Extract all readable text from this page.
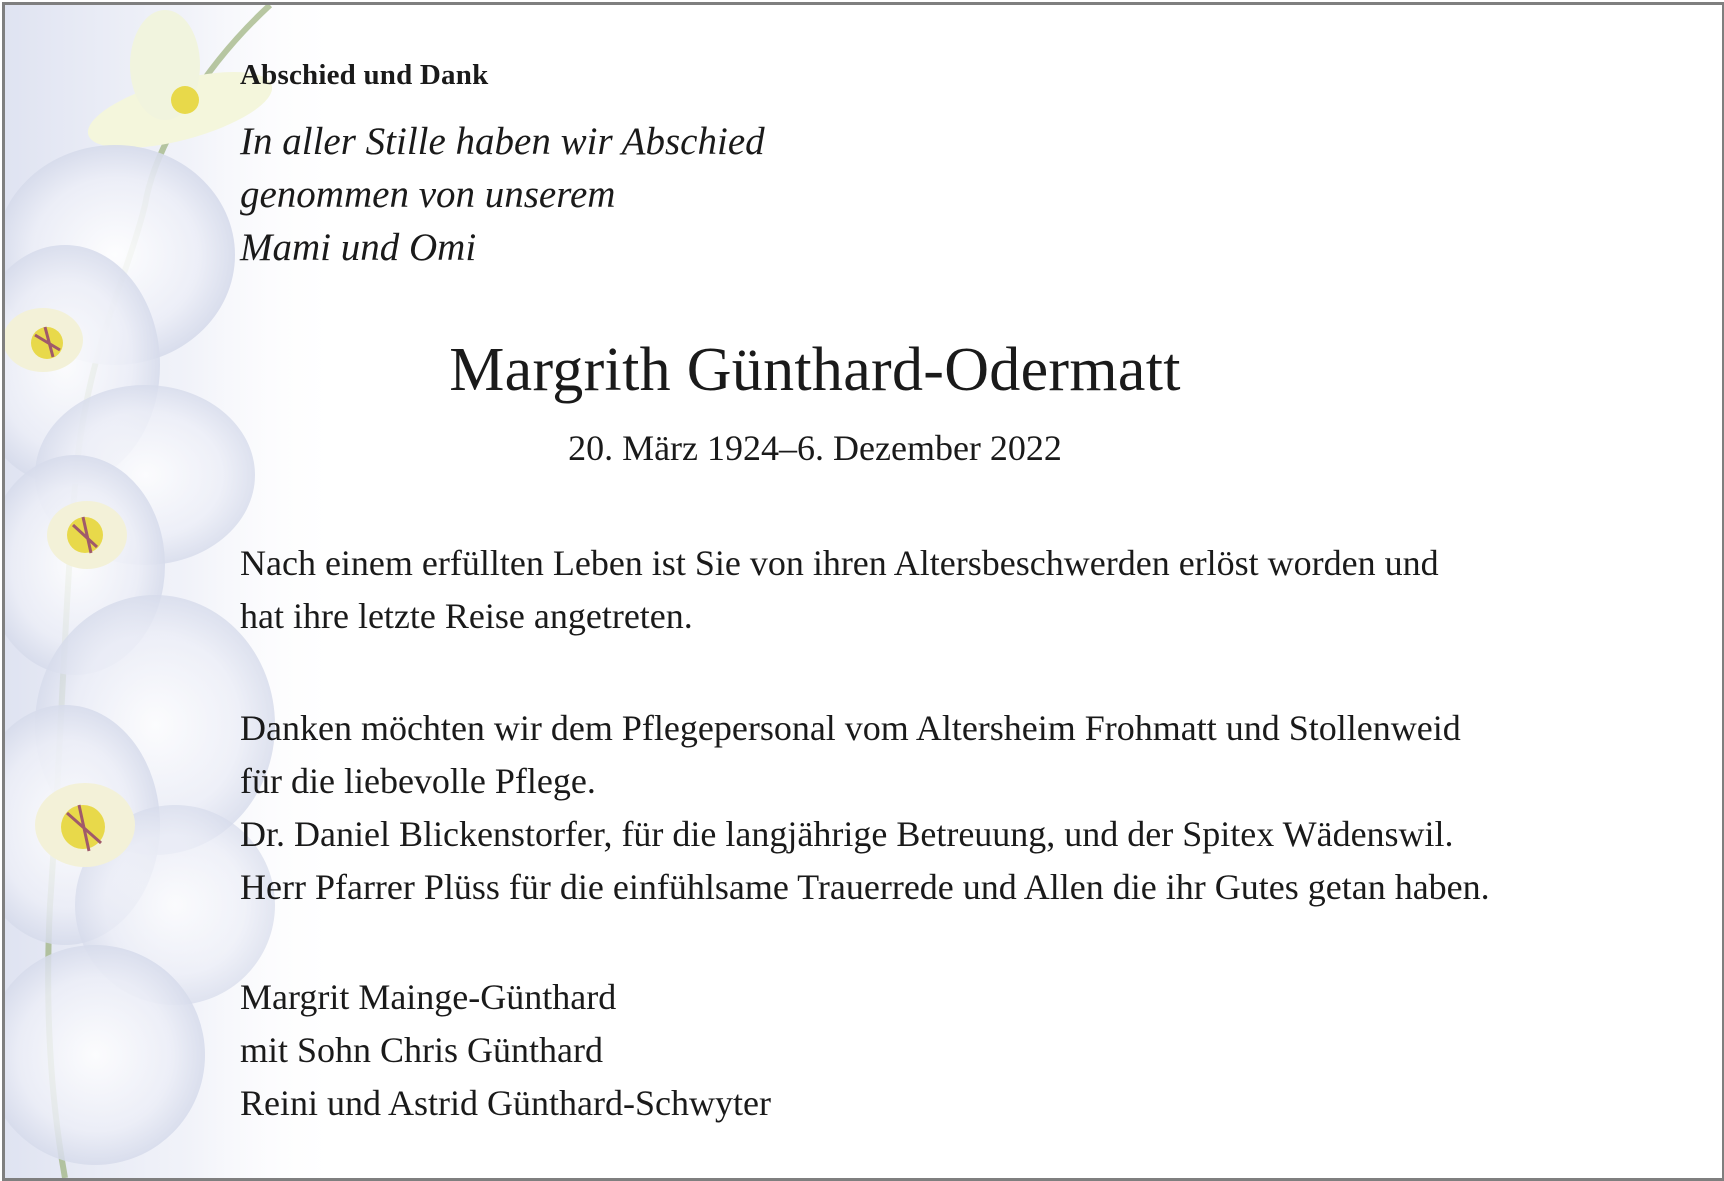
Abschied und Dank
In aller Stille haben wir Abschied
genommen von unserem
Mami und Omi
Margrith Günthard-Odermatt
20. März 1924–6. Dezember 2022
Nach einem erfüllten Leben ist Sie von ihren Altersbeschwerden erlöst worden und
hat ihre letzte Reise angetreten.
Danken möchten wir dem Pflegepersonal vom Altersheim Frohmatt und Stollenweid
für die liebevolle Pflege.
Dr. Daniel Blickenstorfer, für die langjährige Betreuung, und der Spitex Wädenswil.
Herr Pfarrer Plüss für die einfühlsame Trauerrede und Allen die ihr Gutes getan haben.
Margrit Mainge-Günthard
mit Sohn Chris Günthard
Reini und Astrid Günthard-Schwyter
